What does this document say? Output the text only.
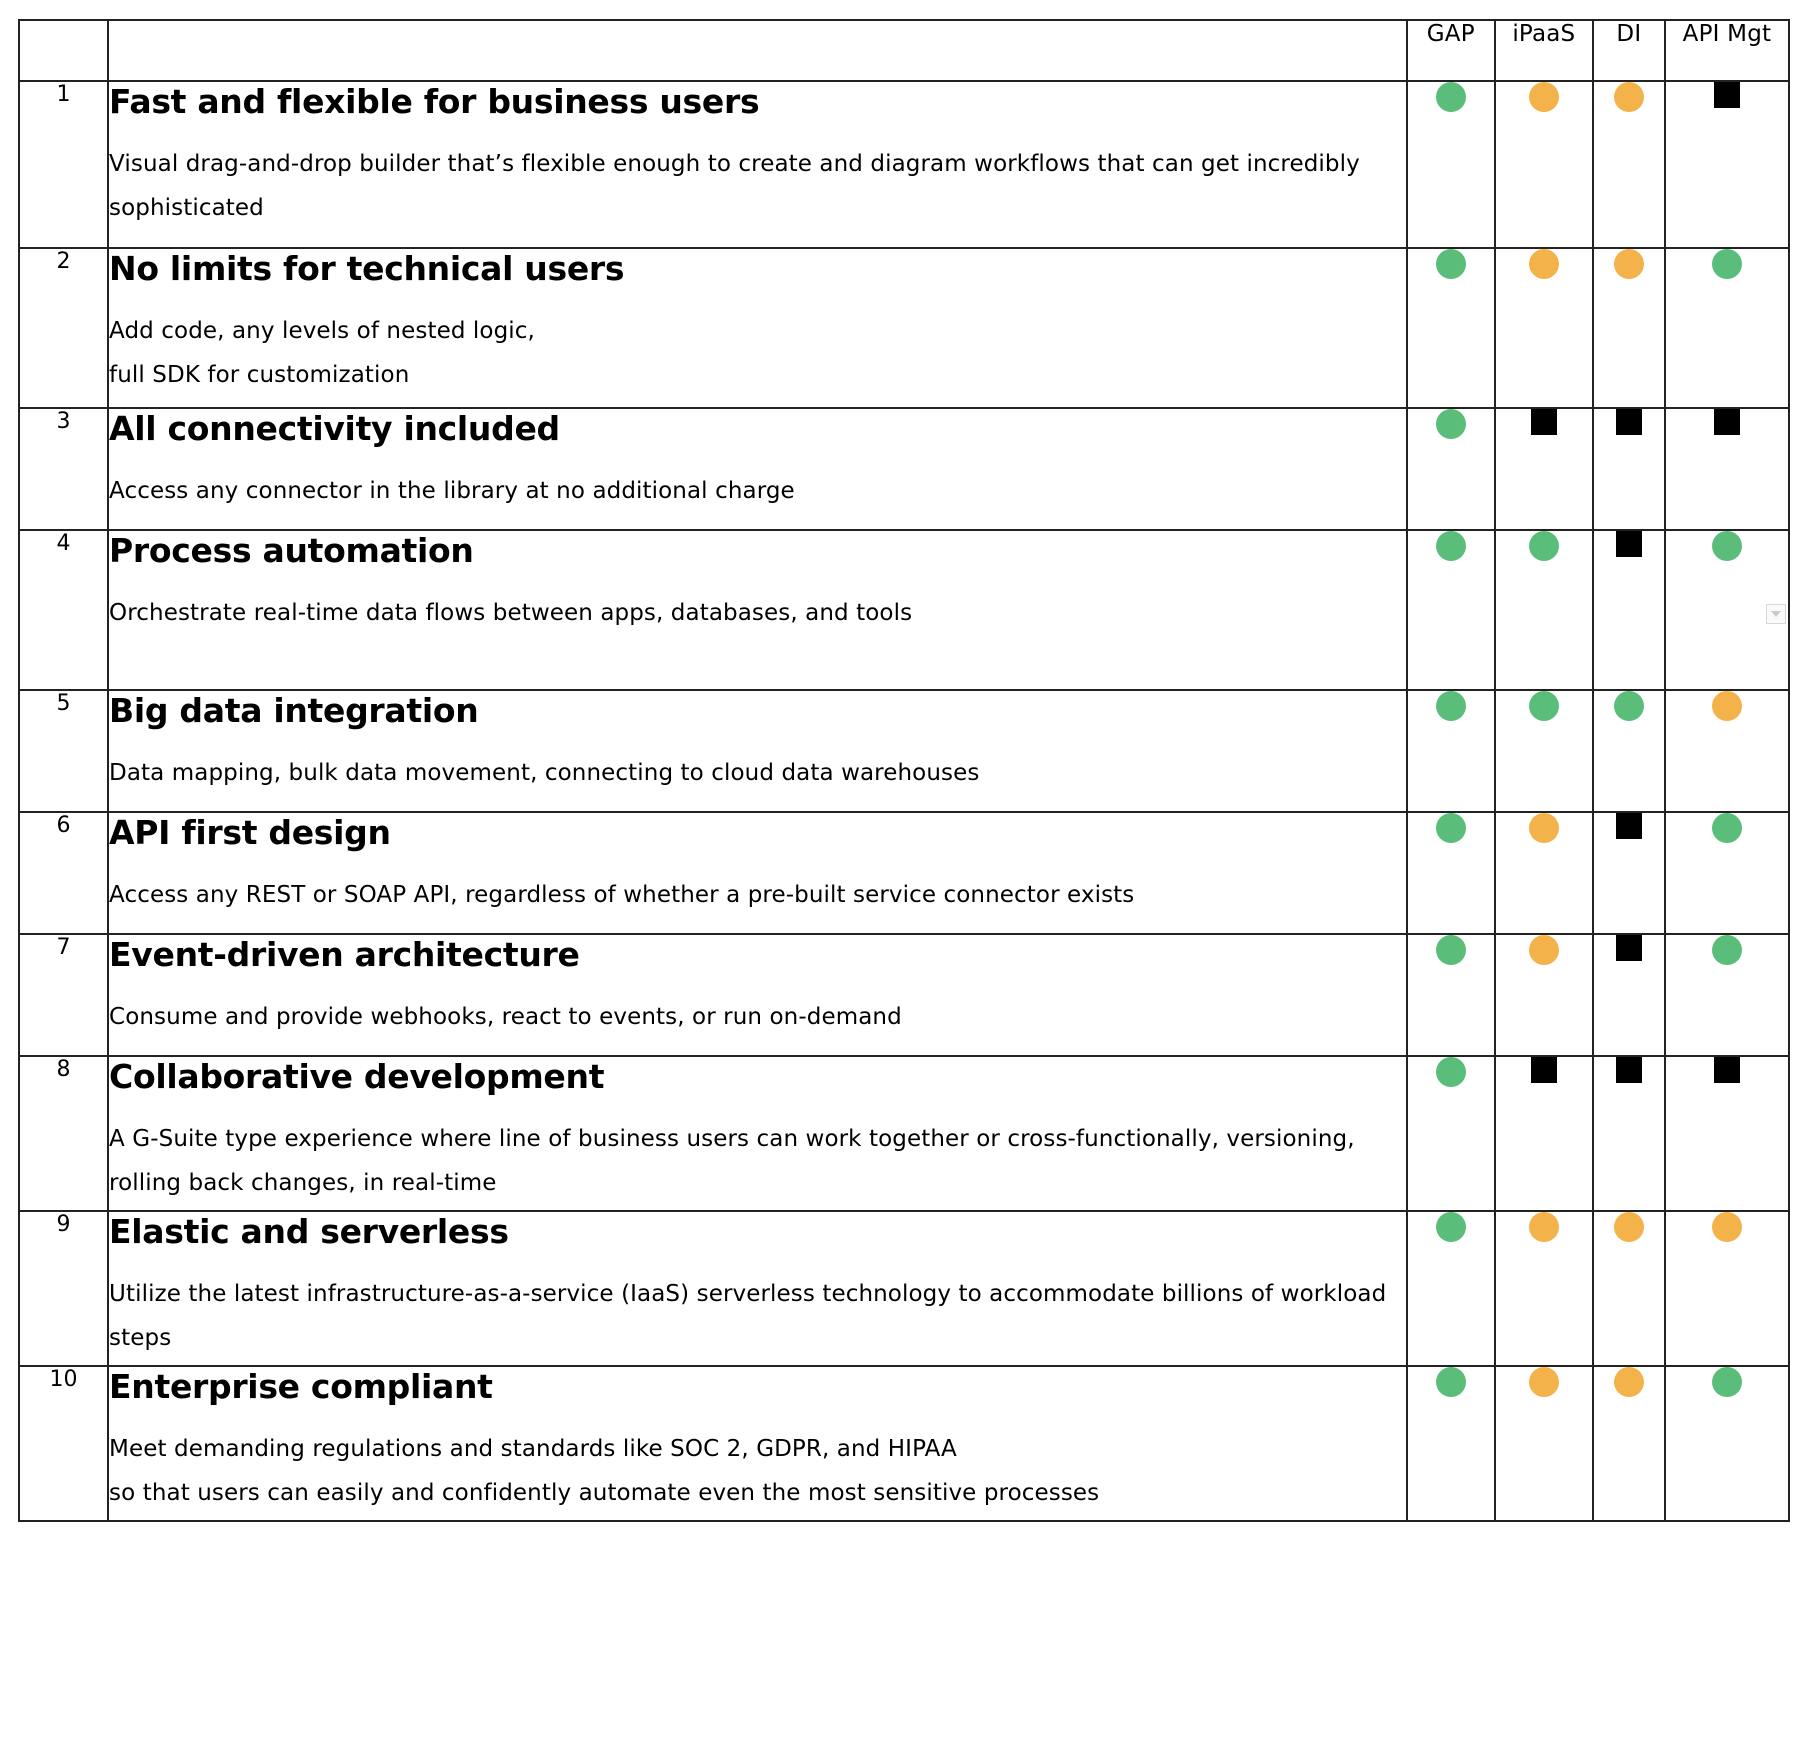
		GAP	iPaaS	DI	API Mgt
1	Fast and flexible for business users
Visual drag-and-drop builder that’s flexible enough to create and diagram workflows that can get incredibly sophisticated				

2	No limits for technical users
Add code, any levels of nested logic,
full SDK for customization				

3	All connectivity included
Access any connector in the library at no additional charge				

4	Process automation
Orchestrate real-time data flows between apps, databases, and tools				

5	Big data integration
Data mapping, bulk data movement, connecting to cloud data warehouses				

6	API first design
Access any REST or SOAP API, regardless of whether a pre-built service connector exists				

7	Event-driven architecture
Consume and provide webhooks, react to events, or run on-demand				

8	Collaborative development
A G-Suite type experience where line of business users can work together or cross-functionally, versioning, rolling back changes, in real-time				

9	Elastic and serverless
Utilize the latest infrastructure-as-a-service (IaaS) serverless technology to accommodate billions of workload steps				

10	Enterprise compliant
Meet demanding regulations and standards like SOC 2, GDPR, and HIPAA
so that users can easily and confidently automate even the most sensitive processes				
